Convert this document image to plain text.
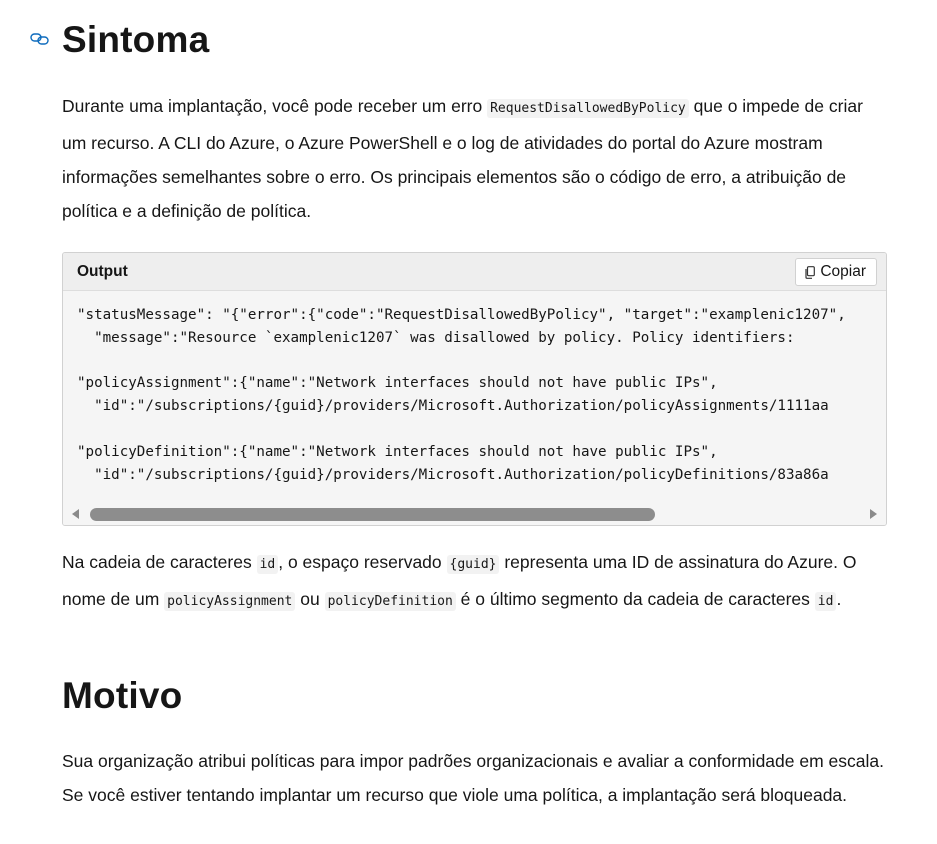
Sintoma

Durante uma implantação, você pode receber um erro RequestDisallowedByPolicy que o impede de criar um recurso. A CLI do Azure, o Azure PowerShell e o log de atividades do portal do Azure mostram informações semelhantes sobre o erro. Os principais elementos são o código de erro, a atribuição de política e a definição de política.

Output	Copiar
"statusMessage": "{"error":{"code":"RequestDisallowedByPolicy", "target":"examplenic1207",
"message":"Resource `examplenic1207` was disallowed by policy. Policy identifiers:

"policyAssignment":{"name":"Network interfaces should not have public IPs",
"id":"/subscriptions/{guid}/providers/Microsoft.Authorization/policyAssignments/1111aa

"policyDefinition":{"name":"Network interfaces should not have public IPs",
"id":"/subscriptions/{guid}/providers/Microsoft.Authorization/policyDefinitions/83a86a

Na cadeia de caracteres id , o espaço reservado {guid} representa uma ID de assinatura do Azure. O nome de um policyAssignment ou policyDefinition é o último segmento da cadeia de caracteres id .

Motivo

Sua organização atribui políticas para impor padrões organizacionais e avaliar a conformidade em escala. Se você estiver tentando implantar um recurso que viole uma política, a implantação será bloqueada.
